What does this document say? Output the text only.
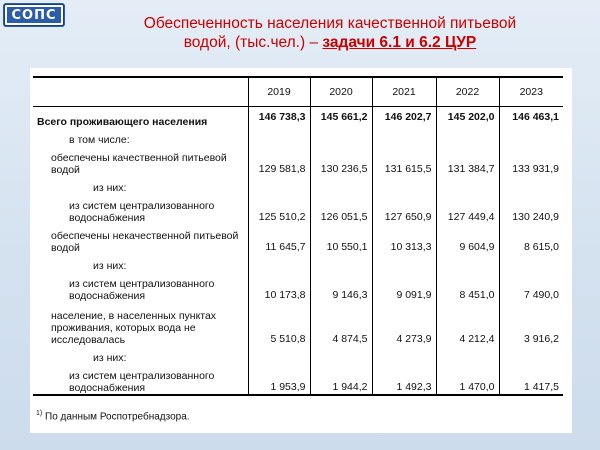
СОПС	Обеспеченность населения качественной питьевой
водой, (тыс.чел.) – задачи 6.1 и 6.2 ЦУР
	2019	2020	2021	2022	2023
Всего проживающего населения	146 738,3	145 661,2	146 202,7	145 202,0	146 463,1
в том числе:					
обеспечены качественной питьевой водой	129 581,8	130 236,5	131 615,5	131 384,7	133 931,9
из них:					
из систем централизованного водоснабжения	125 510,2	126 051,5	127 650,9	127 449,4	130 240,9
обеспечены некачественной питьевой водой	11 645,7	10 550,1	10 313,3	9 604,9	8 615,0
из них:					
из систем централизованного водоснабжения	10 173,8	9 146,3	9 091,9	8 451,0	7 490,0
население, в населенных пунктах проживания, которых вода не исследовалась	5 510,8	4 874,5	4 273,9	4 212,4	3 916,2
из них:					
из систем централизованного водоснабжения	1 953,9	1 944,2	1 492,3	1 470,0	1 417,5
$^{1)}$ По данным Роспотребнадзора.
